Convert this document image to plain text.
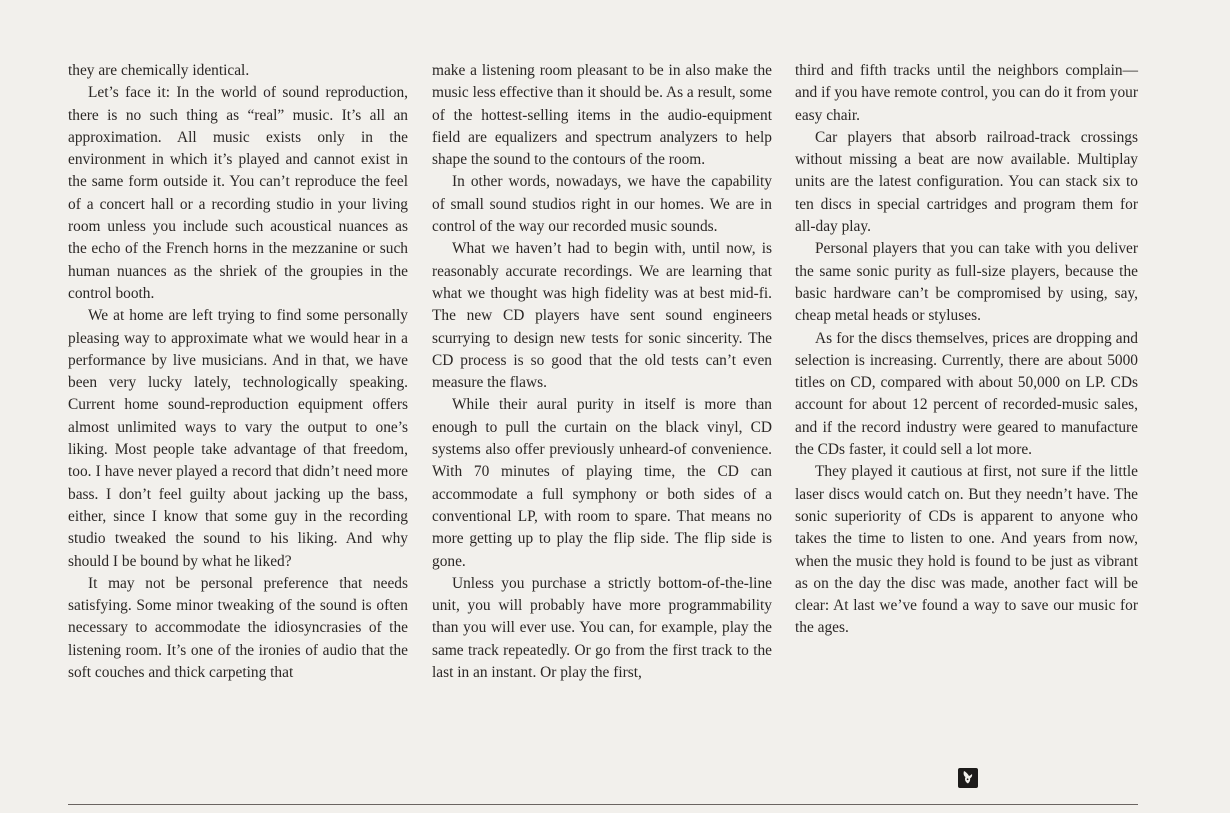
they are chemically identical.

Let’s face it: In the world of sound reproduction, there is no such thing as “real” music. It’s all an approximation. All music exists only in the environment in which it’s played and cannot exist in the same form outside it. You can’t reproduce the feel of a concert hall or a recording studio in your living room unless you include such acoustical nuances as the echo of the French horns in the mezzanine or such human nuances as the shriek of the groupies in the control booth.

We at home are left trying to find some personally pleasing way to approximate what we would hear in a performance by live musicians. And in that, we have been very lucky lately, technologically speaking. Current home sound-reproduction equipment offers almost unlimited ways to vary the output to one’s liking. Most people take advantage of that freedom, too. I have never played a record that didn’t need more bass. I don’t feel guilty about jacking up the bass, either, since I know that some guy in the recording studio tweaked the sound to his liking. And why should I be bound by what he liked?

It may not be personal preference that needs satisfying. Some minor tweaking of the sound is often necessary to accommodate the idiosyncrasies of the listening room. It’s one of the ironies of audio that the soft couches and thick carpeting that

make a listening room pleasant to be in also make the music less effective than it should be. As a result, some of the hottest-selling items in the audio-equipment field are equalizers and spectrum analyzers to help shape the sound to the contours of the room.

In other words, nowadays, we have the capability of small sound studios right in our homes. We are in control of the way our recorded music sounds.

What we haven’t had to begin with, until now, is reasonably accurate recordings. We are learning that what we thought was high fidelity was at best mid-fi. The new CD players have sent sound engineers scurrying to design new tests for sonic sincerity. The CD process is so good that the old tests can’t even measure the flaws.

While their aural purity in itself is more than enough to pull the curtain on the black vinyl, CD systems also offer previously unheard-of convenience. With 70 minutes of playing time, the CD can accommodate a full symphony or both sides of a conventional LP, with room to spare. That means no more getting up to play the flip side. The flip side is gone.

Unless you purchase a strictly bottom-of-the-line unit, you will probably have more programmability than you will ever use. You can, for example, play the same track repeatedly. Or go from the first track to the last in an instant. Or play the first,

third and fifth tracks until the neighbors complain—and if you have remote control, you can do it from your easy chair.

Car players that absorb railroad-track crossings without missing a beat are now available. Multiplay units are the latest configuration. You can stack six to ten discs in special cartridges and program them for all-day play.

Personal players that you can take with you deliver the same sonic purity as full-size players, because the basic hardware can’t be compromised by using, say, cheap metal heads or styluses.

As for the discs themselves, prices are dropping and selection is increasing. Currently, there are about 5000 titles on CD, compared with about 50,000 on LP. CDs account for about 12 percent of recorded-music sales, and if the record industry were geared to manufacture the CDs faster, it could sell a lot more.

They played it cautious at first, not sure if the little laser discs would catch on. But they needn’t have. The sonic superiority of CDs is apparent to anyone who takes the time to listen to one. And years from now, when the music they hold is found to be just as vibrant as on the day the disc was made, another fact will be clear: At last we’ve found a way to save our music for the ages.
